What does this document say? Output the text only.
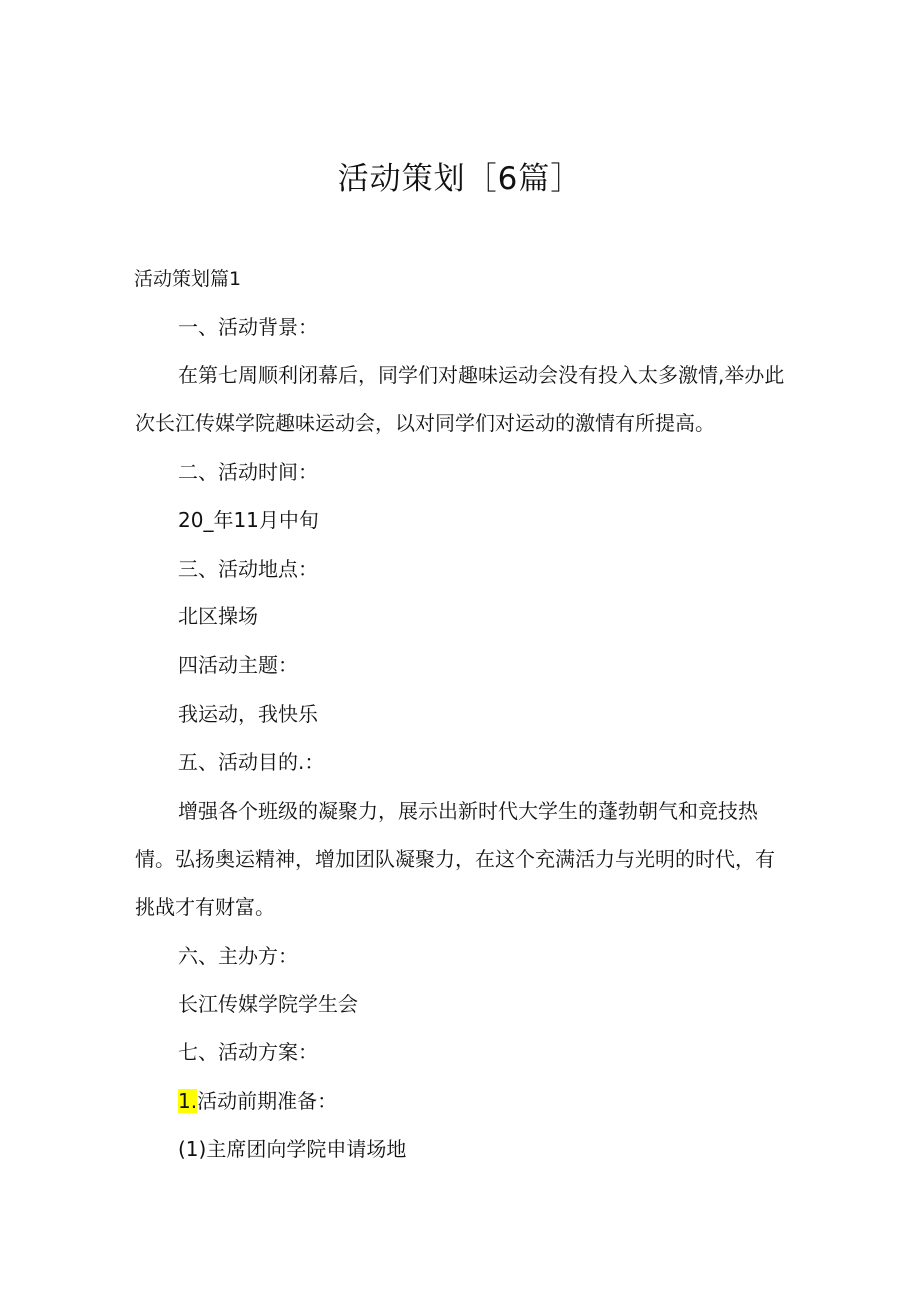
活动策划［6篇］
活动策划篇1
一、活动背景：
在第七周顺利闭幕后，同学们对趣味运动会没有投入太多激情,举办此
次长江传媒学院趣味运动会，以对同学们对运动的激情有所提高。
二、活动时间：
20_年11月中旬
三、活动地点：
北区操场
四活动主题：
我运动，我快乐
五、活动目的.：
增强各个班级的凝聚力，展示出新时代大学生的蓬勃朝气和竞技热
情。弘扬奥运精神，增加团队凝聚力，在这个充满活力与光明的时代，有
挑战才有财富。
六、主办方：
长江传媒学院学生会
七、活动方案：
1.活动前期准备：
(1)主席团向学院申请场地
